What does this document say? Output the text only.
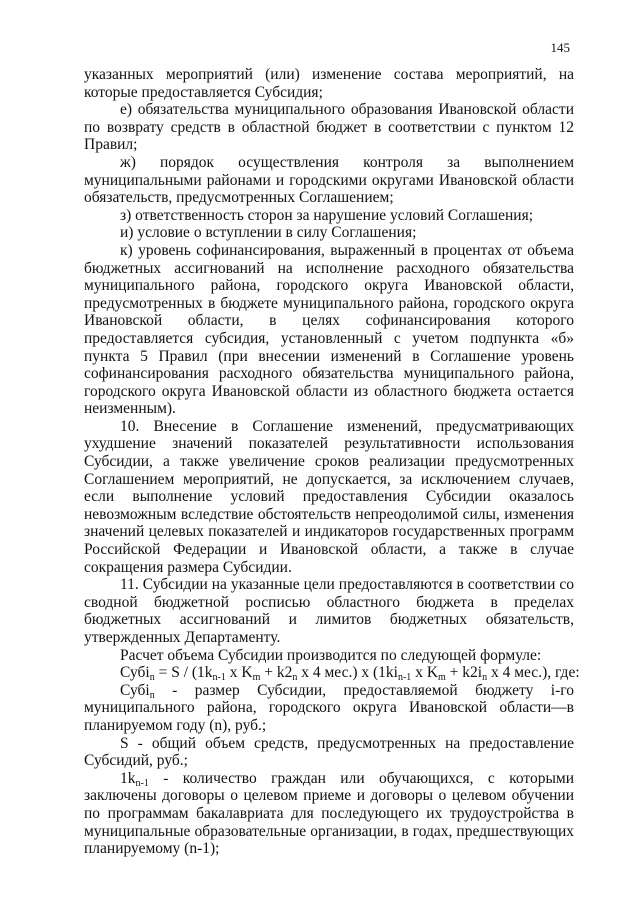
145

указанных мероприятий (или) изменение состава мероприятий, на которые предоставляется Субсидия;

е) обязательства муниципального образования Ивановской области по возврату средств в областной бюджет в соответствии с пунктом 12 Правил;

ж) порядок осуществления контроля за выполнением муниципальными районами и городскими округами Ивановской области обязательств, предусмотренных Соглашением;

з) ответственность сторон за нарушение условий Соглашения;

и) условие о вступлении в силу Соглашения;

к) уровень софинансирования, выраженный в процентах от объема бюджетных ассигнований на исполнение расходного обязательства муниципального района, городского округа Ивановской области, предусмотренных в бюджете муниципального района, городского округа Ивановской области, в целях софинансирования которого предоставляется субсидия, установленный с учетом подпункта «б» пункта 5 Правил (при внесении изменений в Соглашение уровень софинансирования расходного обязательства муниципального района, городского округа Ивановской области из областного бюджета остается неизменным).

10. Внесение в Соглашение изменений, предусматривающих ухудшение значений показателей результативности использования Субсидии, а также увеличение сроков реализации предусмотренных Соглашением мероприятий, не допускается, за исключением случаев, если выполнение условий предоставления Субсидии оказалось невозможным вследствие обстоятельств непреодолимой силы, изменения значений целевых показателей и индикаторов государственных программ Российской Федерации и Ивановской области, а также в случае сокращения размера Субсидии.

11. Субсидии на указанные цели предоставляются в соответствии со сводной бюджетной росписью областного бюджета в пределах бюджетных ассигнований и лимитов бюджетных обязательств, утвержденных Департаменту.

Расчет объема Субсидии производится по следующей формуле:

Субi$_n$ = S / ($1k_{n-1}$ x $K_m + k2_n$ x 4 мес.) x ($1ki_{n-1}$ x $K_m + k2i_n$ x 4 мес.), где:

Субi$_n$ - размер Субсидии, предоставляемой бюджету i-го муниципального района, городского округа Ивановской области—в планируемом году (n), руб.;

S - общий объем средств, предусмотренных на предоставление Субсидий, руб.;

$1k_{n-1}$ - количество граждан или обучающихся, с которыми заключены договоры о целевом приеме и договоры о целевом обучении по программам бакалавриата для последующего их трудоустройства в муниципальные образовательные организации, в годах, предшествующих планируемому (n-1);
